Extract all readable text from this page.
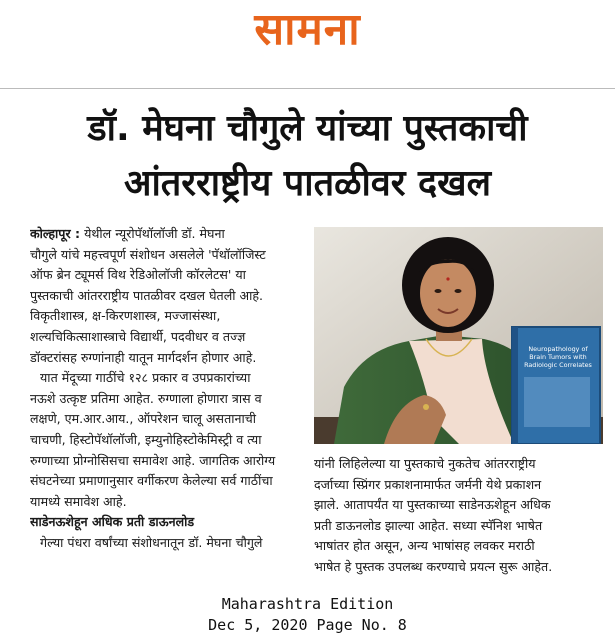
सामना
डॉ. मेघना चौगुले यांच्या पुस्तकाची
आंतरराष्ट्रीय पातळीवर दखल
कोल्हापूर : येथील न्यूरोपॅथॉलॉजी डॉ. मेघना
चौगुले यांचे महत्त्वपूर्ण संशोधन असलेले 'पॅथॉलॉजिस्ट
ऑफ ब्रेन ट्यूमर्स विथ रेडिओलॉजी कॉरलेटस' या
पुस्तकाची आंतरराष्ट्रीय पातळीवर दखल घेतली आहे.
विकृतीशास्त्र, क्ष-किरणशास्त्र, मज्जासंस्था,
शल्यचिकित्साशास्त्राचे विद्यार्थी, पदवीधर व तज्ज्ञ
डॉक्टरांसह रुग्णांनाही यातून मार्गदर्शन होणार आहे.
यात मेंदूच्या गाठींचे १२८ प्रकार व उपप्रकारांच्या
नऊशे उत्कृष्ट प्रतिमा आहेत. रुग्णाला होणारा त्रास व
लक्षणे, एम.आर.आय., ऑपरेशन चालू असतानाची
चाचणी, हिस्टोपॅथॉलॉजी, इम्युनोहिस्टोकेमिस्ट्री व त्या
रुग्णाच्या प्रोग्नोसिसचा समावेश आहे. जागतिक आरोग्य
संघटनेच्या प्रमाणानुसार वर्गीकरण केलेल्या सर्व गाठींचा
यामध्ये समावेश आहे.
साडेनऊशेहून अधिक प्रती डाऊनलोड
गेल्या पंधरा वर्षांच्या संशोधनातून डॉ. मेघना चौगुले
Neuropathology of
Brain Tumors with
Radiologic Correlates
यांनी लिहिलेल्या या पुस्तकाचे नुकतेच आंतरराष्ट्रीय
दर्जाच्या स्प्रिंगर प्रकाशनामार्फत जर्मनी येथे प्रकाशन
झाले. आतापर्यंत या पुस्तकाच्या साडेनऊशेहून अधिक
प्रती डाऊनलोड झाल्या आहेत. सध्या स्पॅनिश भाषेत
भाषांतर होत असून, अन्य भाषांसह लवकर मराठी
भाषेत हे पुस्तक उपलब्ध करण्याचे प्रयत्न सुरू आहेत.
Maharashtra Edition
Dec 5, 2020 Page No. 8
